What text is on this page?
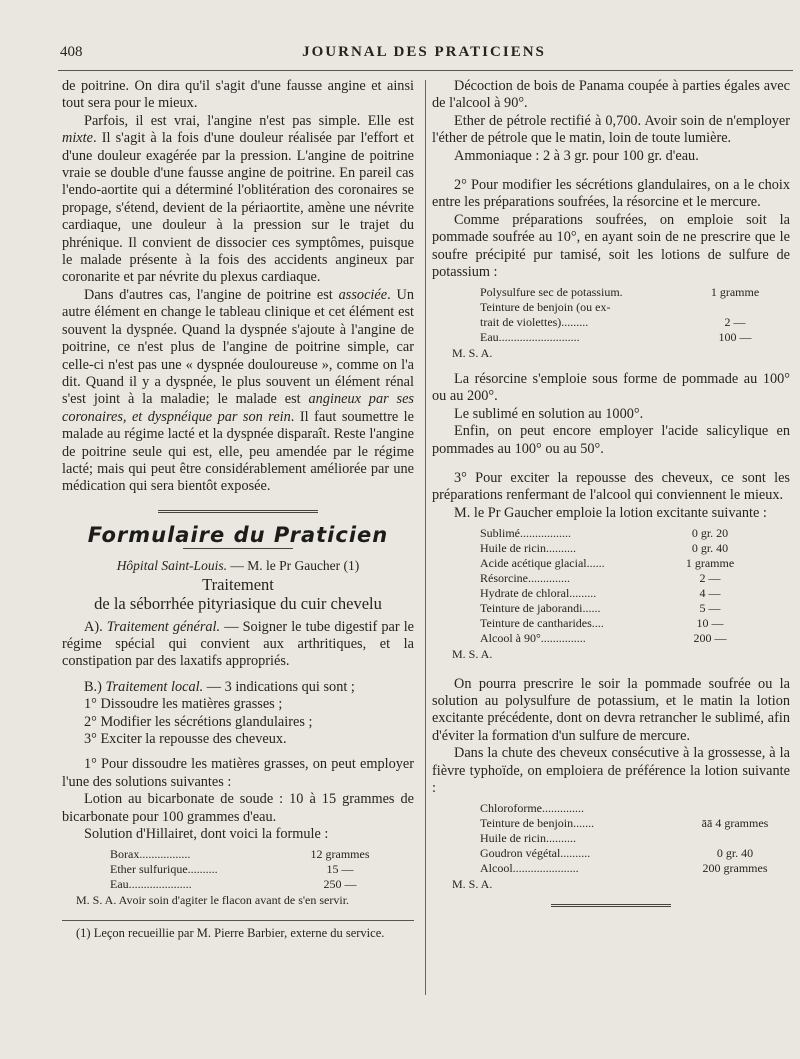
408	JOURNAL DES PRATICIENS

de poitrine. On dira qu'il s'agit d'une fausse angine et ainsi tout sera pour le mieux.

Parfois, il est vrai, l'angine n'est pas simple. Elle est mixte. Il s'agit à la fois d'une douleur réalisée par l'effort et d'une douleur exagérée par la pression. L'angine de poitrine vraie se double d'une fausse angine de poitrine. En pareil cas l'endo-aortite qui a déterminé l'oblitération des coronaires se propage, s'étend, devient de la périaortite, amène une névrite cardiaque, une douleur à la pression sur le trajet du phrénique. Il convient de dissocier ces symptômes, puisque le malade présente à la fois des accidents angineux par coronarite et par névrite du plexus cardiaque.

Dans d'autres cas, l'angine de poitrine est associée. Un autre élément en change le tableau clinique et cet élément est souvent la dyspnée. Quand la dyspnée s'ajoute à l'angine de poitrine, ce n'est plus de l'angine de poitrine simple, car celle-ci n'est pas une « dyspnée douloureuse », comme on l'a dit. Quand il y a dyspnée, le plus souvent un élément rénal s'est joint à la maladie; le malade est angineux par ses coronaires, et dyspnéique par son rein. Il faut soumettre le malade au régime lacté et la dyspnée disparaît. Reste l'angine de poitrine seule qui est, elle, peu amendée par le régime lacté; mais qui peut être considérablement améliorée par une médication qui sera bientôt exposée.

Formulaire du Praticien

Hôpital Saint-Louis. — M. le Pr Gaucher (1)

Traitement

de la séborrhée pityriasique du cuir chevelu

A). Traitement général. — Soigner le tube digestif par le régime spécial qui convient aux arthritiques, et la constipation par des laxatifs appropriés.

B.) Traitement local. — 3 indications qui sont ;

1° Dissoudre les matières grasses ;

2° Modifier les sécrétions glandulaires ;

3° Exciter la repousse des cheveux.

1° Pour dissoudre les matières grasses, on peut employer l'une des solutions suivantes :

Lotion au bicarbonate de soude : 10 à 15 grammes de bicarbonate pour 100 grammes d'eau.

Solution d'Hillairet, dont voici la formule :

Borax.................	12 grammes
Ether sulfurique..........	15 —
Eau.....................	250 —

M. S. A. Avoir soin d'agiter le flacon avant de s'en servir.

(1) Leçon recueillie par M. Pierre Barbier, externe du service.

Décoction de bois de Panama coupée à parties égales avec de l'alcool à 90°.

Ether de pétrole rectifié à 0,700. Avoir soin de n'employer l'éther de pétrole que le matin, loin de toute lumière.

Ammoniaque : 2 à 3 gr. pour 100 gr. d'eau.

2° Pour modifier les sécrétions glandulaires, on a le choix entre les préparations soufrées, la résorcine et le mercure.

Comme préparations soufrées, on emploie soit la pommade soufrée au 10°, en ayant soin de ne prescrire que le soufre précipité pur tamisé, soit les lotions de sulfure de potassium :

Polysulfure sec de potassium.	1 gramme
Teinture de benjoin (ou ex-
trait de violettes).........	2 —
Eau...........................	100 —

M. S. A.

La résorcine s'emploie sous forme de pommade au 100° ou au 200°.

Le sublimé en solution au 1000°.

Enfin, on peut encore employer l'acide salicylique en pommades au 100° ou au 50°.

3° Pour exciter la repousse des cheveux, ce sont les préparations renfermant de l'alcool qui conviennent le mieux.

M. le Pr Gaucher emploie la lotion excitante suivante :

Sublimé.................	0 gr. 20
Huile de ricin..........	0 gr. 40
Acide acétique glacial......	1 gramme
Résorcine..............	2 —
Hydrate de chloral.........	4 —
Teinture de jaborandi......	5 —
Teinture de cantharides....	10 —
Alcool à 90°...............	200 —

M. S. A.

On pourra prescrire le soir la pommade soufrée ou la solution au polysulfure de potassium, et le matin la lotion excitante précédente, dont on devra retrancher le sublimé, afin d'éviter la formation d'un sulfure de mercure.

Dans la chute des cheveux consécutive à la grossesse, à la fièvre typhoïde, on emploiera de préférence la lotion suivante :

Chloroforme..............
Teinture de benjoin.......	āā 4 grammes
Huile de ricin..........
Goudron végétal..........	0 gr. 40
Alcool......................	200 grammes

M. S. A.
